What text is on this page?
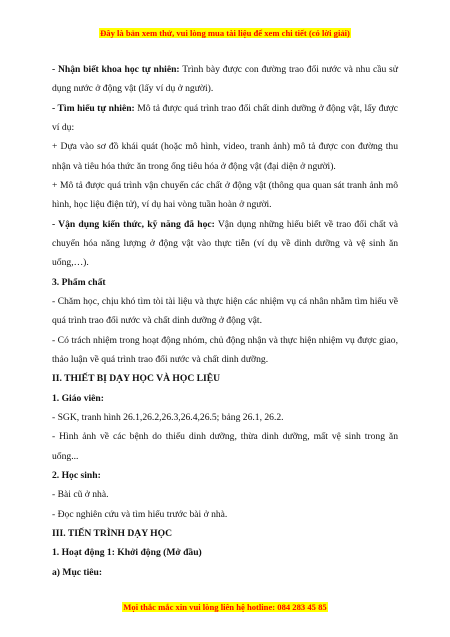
Đây là bản xem thử, vui lòng mua tài liệu để xem chi tiết (có lời giải)

- Nhận biết khoa học tự nhiên: Trình bày được con đường trao đổi nước và nhu cầu sử dụng nước ở động vật (lấy ví dụ ở người).

- Tìm hiểu tự nhiên: Mô tả được quá trình trao đổi chất dinh dưỡng ở động vật, lấy được ví dụ:

+ Dựa vào sơ đồ khái quát (hoặc mô hình, video, tranh ảnh) mô tả được con đường thu nhận và tiêu hóa thức ăn trong ống tiêu hóa ở động vật (đại diện ở người).

+ Mô tả được quá trình vận chuyển các chất ở động vật (thông qua quan sát tranh ảnh mô hình, học liệu điện tử), ví dụ hai vòng tuần hoàn ở người.

- Vận dụng kiến thức, kỹ năng đã học: Vận dụng những hiểu biết về trao đổi chất và chuyển hóa năng lượng ở động vật vào thực tiễn (ví dụ về dinh dưỡng và vệ sinh ăn uống,…).

3. Phẩm chất

- Chăm học, chịu khó tìm tòi tài liệu và thực hiện các nhiệm vụ cá nhân nhằm tìm hiểu về quá trình trao đổi nước và chất dinh dưỡng ở động vật.

- Có trách nhiệm trong hoạt động nhóm, chủ động nhận và thực hiện nhiệm vụ được giao, thảo luận về quá trình trao đổi nước và chất dinh dưỡng.

II. THIẾT BỊ DẠY HỌC VÀ HỌC LIỆU

1. Giáo viên:

- SGK, tranh hình 26.1,26.2,26.3,26.4,26.5; bảng 26.1, 26.2.

- Hình ảnh về các bệnh do thiếu dinh dưỡng, thừa dinh dưỡng, mất vệ sinh trong ăn uống...

2. Học sinh:

- Bài cũ ở nhà.

- Đọc nghiên cứu và tìm hiểu trước bài ở nhà.

III. TIẾN TRÌNH DẠY HỌC

1. Hoạt động 1: Khởi động (Mở đầu)

a) Mục tiêu:

Mọi thắc mắc xin vui lòng liên hệ hotline: 084 283 45 85
